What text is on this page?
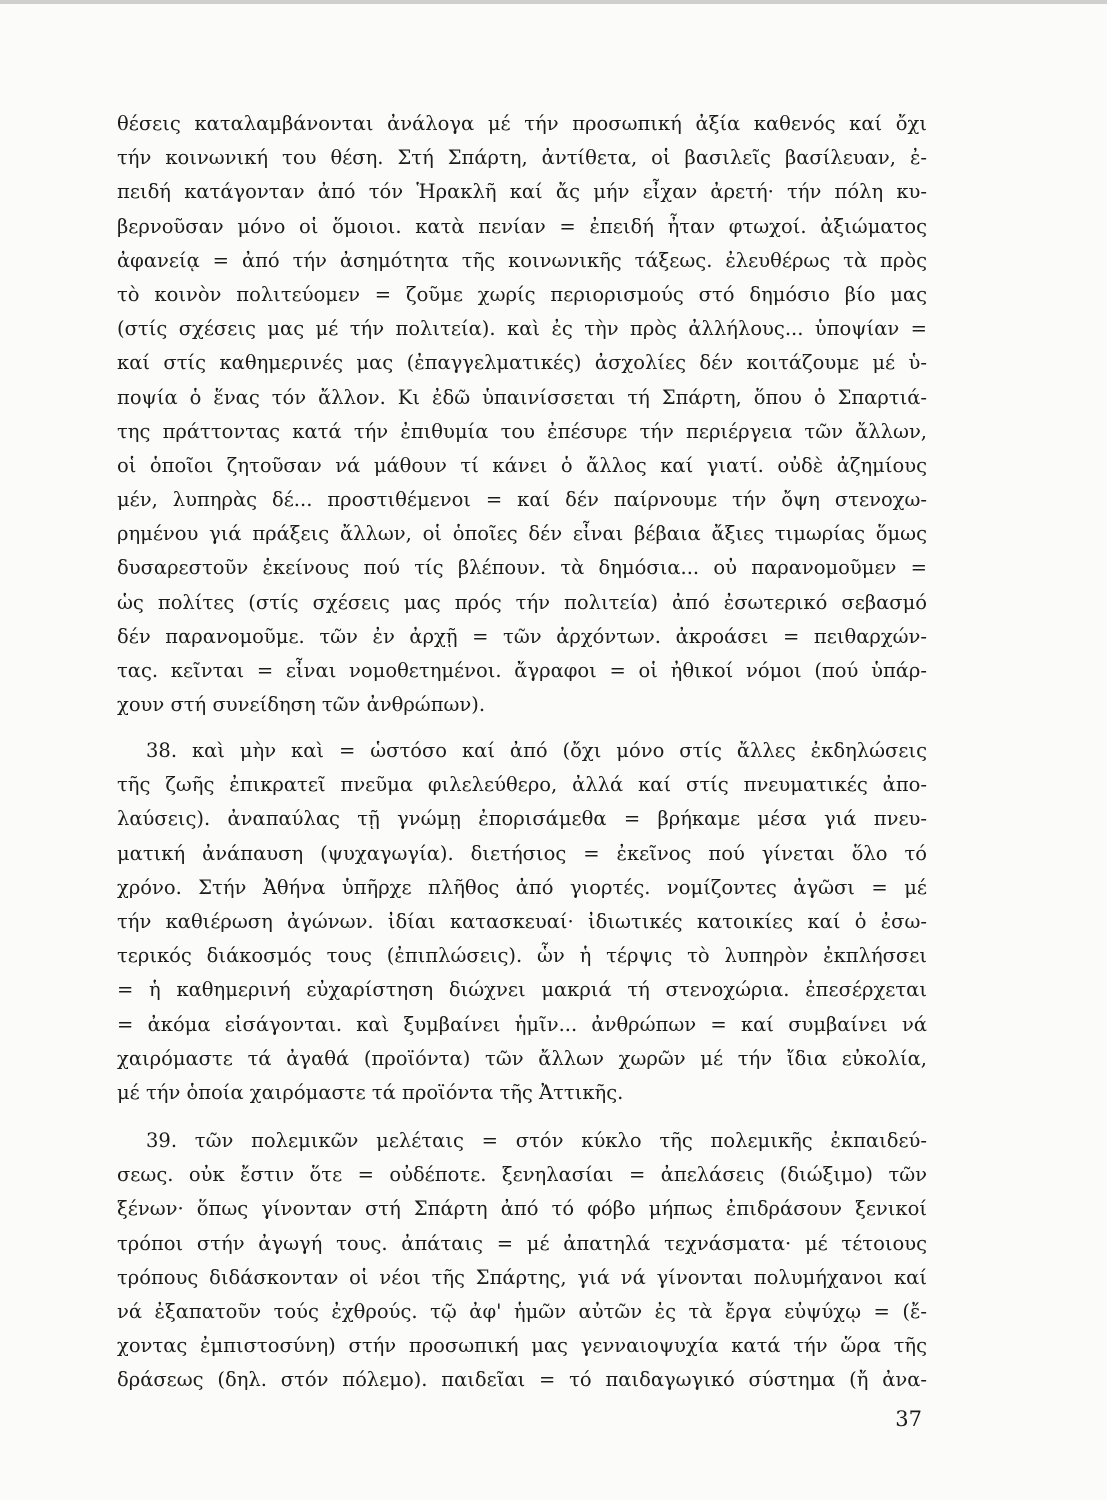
θέσεις καταλαμβάνονται ἀνάλογα μέ τήν προσωπική ἀξία καθενός καί ὄχι
τήν κοινωνική του θέση. Στή Σπάρτη, ἀντίθετα, οἱ βασιλεῖς βασίλευαν, ἐ-
πειδή κατάγονταν ἀπό τόν Ἡρακλῆ καί ἄς μήν εἶχαν ἀρετή· τήν πόλη κυ-
βερνοῦσαν μόνο οἱ ὅμοιοι. κατὰ πενίαν = ἐπειδή ἦταν φτωχοί. ἀξιώματος
ἀφανείᾳ = ἀπό τήν ἀσημότητα τῆς κοινωνικῆς τάξεως. ἐλευθέρως τὰ πρὸς
τὸ κοινὸν πολιτεύομεν = ζοῦμε χωρίς περιορισμούς στό δημόσιο βίο μας
(στίς σχέσεις μας μέ τήν πολιτεία). καὶ ἐς τὴν πρὸς ἀλλήλους... ὑποψίαν =
καί στίς καθημερινές μας (ἐπαγγελματικές) ἀσχολίες δέν κοιτάζουμε μέ ὑ-
ποψία ὁ ἕνας τόν ἄλλον. Κι ἐδῶ ὑπαινίσσεται τή Σπάρτη, ὅπου ὁ Σπαρτιά-
της πράττοντας κατά τήν ἐπιθυμία του ἐπέσυρε τήν περιέργεια τῶν ἄλλων,
οἱ ὁποῖοι ζητοῦσαν νά μάθουν τί κάνει ὁ ἄλλος καί γιατί. οὐδὲ ἀζημίους
μέν, λυπηρὰς δέ... προστιθέμενοι = καί δέν παίρνουμε τήν ὄψη στενοχω-
ρημένου γιά πράξεις ἄλλων, οἱ ὁποῖες δέν εἶναι βέβαια ἄξιες τιμωρίας ὅμως
δυσαρεστοῦν ἐκείνους πού τίς βλέπουν. τὰ δημόσια... οὐ παρανομοῦμεν =
ὡς πολίτες (στίς σχέσεις μας πρός τήν πολιτεία) ἀπό ἐσωτερικό σεβασμό
δέν παρανομοῦμε. τῶν ἐν ἀρχῇ = τῶν ἀρχόντων. ἀκροάσει = πειθαρχών-
τας. κεῖνται = εἶναι νομοθετημένοι. ἄγραφοι = οἱ ἠθικοί νόμοι (πού ὑπάρ-
χουν στή συνείδηση τῶν ἀνθρώπων).
38. καὶ μὴν καὶ = ὡστόσο καί ἀπό (ὄχι μόνο στίς ἄλλες ἐκδηλώσεις
τῆς ζωῆς ἐπικρατεῖ πνεῦμα φιλελεύθερο, ἀλλά καί στίς πνευματικές ἀπο-
λαύσεις). ἀναπαύλας τῇ γνώμῃ ἐπορισάμεθα = βρήκαμε μέσα γιά πνευ-
ματική ἀνάπαυση (ψυχαγωγία). διετήσιος = ἐκεῖνος πού γίνεται ὅλο τό
χρόνο. Στήν Ἀθήνα ὑπῆρχε πλῆθος ἀπό γιορτές. νομίζοντες ἀγῶσι = μέ
τήν καθιέρωση ἀγώνων. ἰδίαι κατασκευαί· ἰδιωτικές κατοικίες καί ὁ ἐσω-
τερικός διάκοσμός τους (ἐπιπλώσεις). ὧν ἡ τέρψις τὸ λυπηρὸν ἐκπλήσσει
= ἡ καθημερινή εὐχαρίστηση διώχνει μακριά τή στενοχώρια. ἐπεσέρχεται
= ἀκόμα εἰσάγονται. καὶ ξυμβαίνει ἡμῖν... ἀνθρώπων = καί συμβαίνει νά
χαιρόμαστε τά ἀγαθά (προϊόντα) τῶν ἄλλων χωρῶν μέ τήν ἴδια εὐκολία,
μέ τήν ὁποία χαιρόμαστε τά προϊόντα τῆς Ἀττικῆς.
39. τῶν πολεμικῶν μελέταις = στόν κύκλο τῆς πολεμικῆς ἐκπαιδεύ-
σεως. οὐκ ἔστιν ὅτε = οὐδέποτε. ξενηλασίαι = ἀπελάσεις (διώξιμο) τῶν
ξένων· ὅπως γίνονταν στή Σπάρτη ἀπό τό φόβο μήπως ἐπιδράσουν ξενικοί
τρόποι στήν ἀγωγή τους. ἀπάταις = μέ ἀπατηλά τεχνάσματα· μέ τέτοιους
τρόπους διδάσκονταν οἱ νέοι τῆς Σπάρτης, γιά νά γίνονται πολυμήχανοι καί
νά ἐξαπατοῦν τούς ἐχθρούς. τῷ ἀφ' ἡμῶν αὐτῶν ἐς τὰ ἔργα εὐψύχῳ = (ἔ-
χοντας ἐμπιστοσύνη) στήν προσωπική μας γενναιοψυχία κατά τήν ὥρα τῆς
δράσεως (δηλ. στόν πόλεμο). παιδεῖαι = τό παιδαγωγικό σύστημα (ἤ ἀνα-
37
